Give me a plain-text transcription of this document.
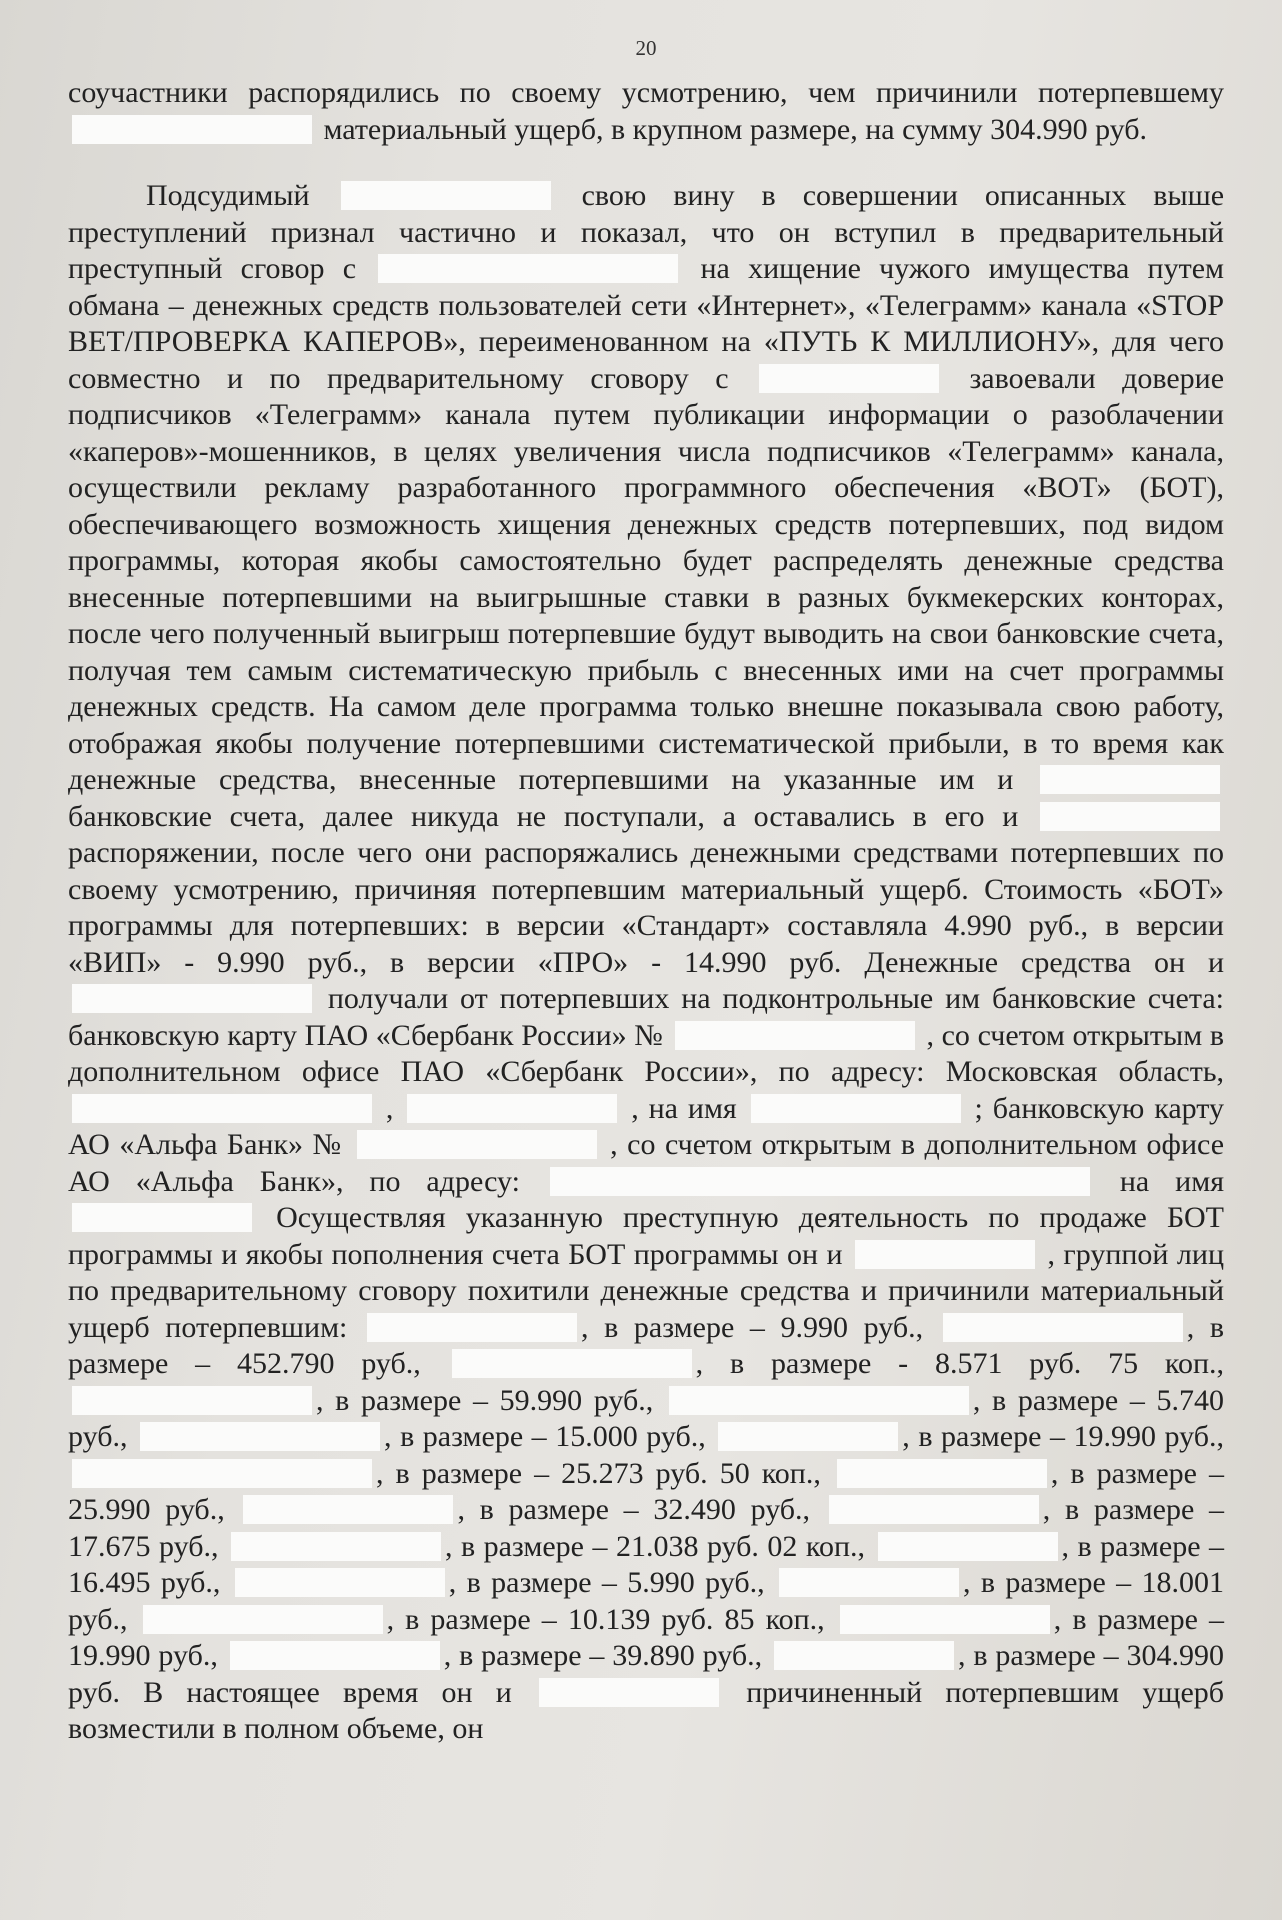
20

соучастники распорядились по своему усмотрению, чем причинили потерпевшему  материальный ущерб, в крупном размере, на сумму 304.990 руб.

Подсудимый	свою вину в совершении описанных выше преступлений признал частично и показал, что он вступил в предварительный преступный сговор с	на хищение чужого имущества путем обмана – денежных средств пользователей сети «Интернет», «Телеграмм» канала «STOP ВЕТ/ПРОВЕРКА КАПЕРОВ», переименованном на «ПУТЬ К МИЛЛИОНУ», для чего совместно и по предварительному сговору с	завоевали доверие подписчиков «Телеграмм» канала путем публикации информации о разоблачении «каперов»-мошенников, в целях увеличения числа подписчиков «Телеграмм» канала, осуществили рекламу разработанного программного обеспечения «ВОТ» (БОТ), обеспечивающего возможность хищения денежных средств потерпевших, под видом программы, которая якобы самостоятельно будет распределять денежные средства внесенные потерпевшими на выигрышные ставки в разных букмекерских конторах, после чего полученный выигрыш потерпевшие будут выводить на свои банковские счета, получая тем самым систематическую прибыль с внесенных ими на счет программы денежных средств. На самом деле программа только внешне показывала свою работу, отображая якобы получение потерпевшими систематической прибыли, в то время как денежные средства, внесенные потерпевшими на указанные им и  банковские счета, далее никуда не поступали, а оставались в его и  распоряжении, после чего они распоряжались денежными средствами потерпевших по своему усмотрению, причиняя потерпевшим материальный ущерб. Стоимость «БОТ» программы для потерпевших: в версии «Стандарт» составляла 4.990 руб., в версии «ВИП» - 9.990 руб., в версии «ПРО» - 14.990 руб. Денежные средства он и  получали от потерпевших на подконтрольные им банковские счета: банковскую карту ПАО «Сбербанк России» №	, со счетом открытым в дополнительном офисе ПАО «Сбербанк России», по адресу: Московская область,  ,	, на имя	; банковскую карту АО «Альфа Банк» №	, со счетом открытым в дополнительном офисе АО «Альфа Банк», по адресу:	на имя  Осуществляя указанную преступную деятельность по продаже БОТ программы и якобы пополнения счета БОТ программы он и	, группой лиц по предварительному сговору похитили денежные средства и причинили материальный ущерб потерпевшим:	, в размере – 9.990 руб.,	, в размере – 452.790 руб.,	, в размере - 8.571 руб. 75 коп., , в размере – 59.990 руб.,	, в размере – 5.740 руб.,	, в размере – 15.000 руб.,	, в размере – 19.990 руб., , в размере – 25.273 руб. 50 коп.,	, в размере – 25.990 руб.,	, в размере – 32.490 руб.,	, в размере – 17.675 руб.,	, в размере – 21.038 руб. 02 коп.,	, в размере – 16.495 руб.,	, в размере – 5.990 руб.,	, в размере – 18.001 руб.,	, в размере – 10.139 руб. 85 коп.,	, в размере – 19.990 руб.,	, в размере – 39.890 руб.,	, в размере – 304.990 руб. В настоящее время он и	причиненный потерпевшим ущерб возместили в полном объеме, он
